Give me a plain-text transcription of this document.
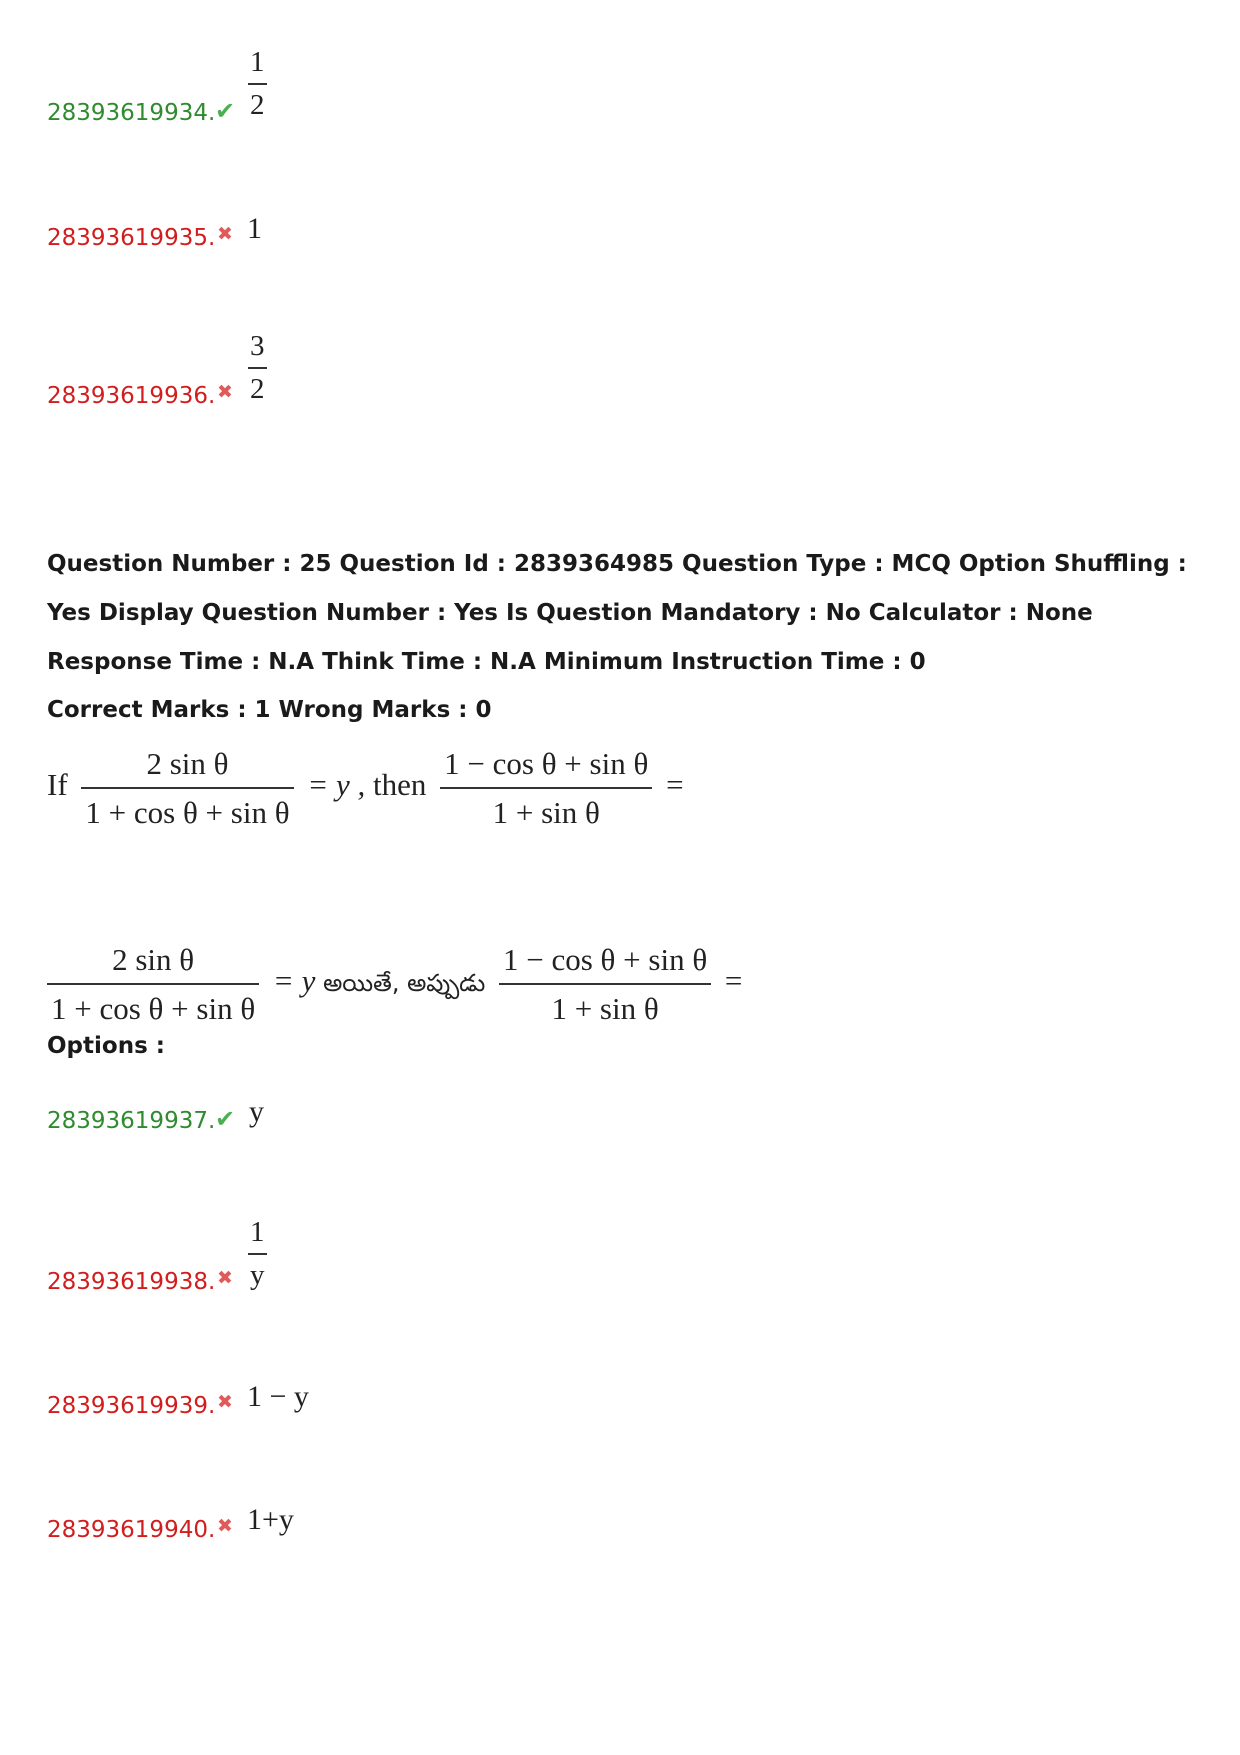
28393619934. ✔
1
2
28393619935. ✖ 1
28393619936. ✖
3
2
Question Number : 25 Question Id : 2839364985 Question Type : MCQ Option Shuffling : Yes Display Question Number : Yes Is Question Mandatory : No Calculator : None Response Time : N.A Think Time : N.A Minimum Instruction Time : 0
Correct Marks : 1 Wrong Marks : 0
If $\frac{\text{2 sin θ}}{\text{1 + cos θ + sin θ}} = y$ , then $\frac{\text{1 − cos θ + sin θ}}{\text{1 + sin θ}}$ =
$\frac{\text{2 sin θ}}{\text{1 + cos θ + sin θ}} = y$ అయితే, అప్పుడు $\frac{\text{1 − cos θ + sin θ}}{\text{1 + sin θ}}$ =
Options :
28393619937. ✔ y
28393619938. ✖
1
y
28393619939. ✖ 1 − y
28393619940. ✖ 1+y
